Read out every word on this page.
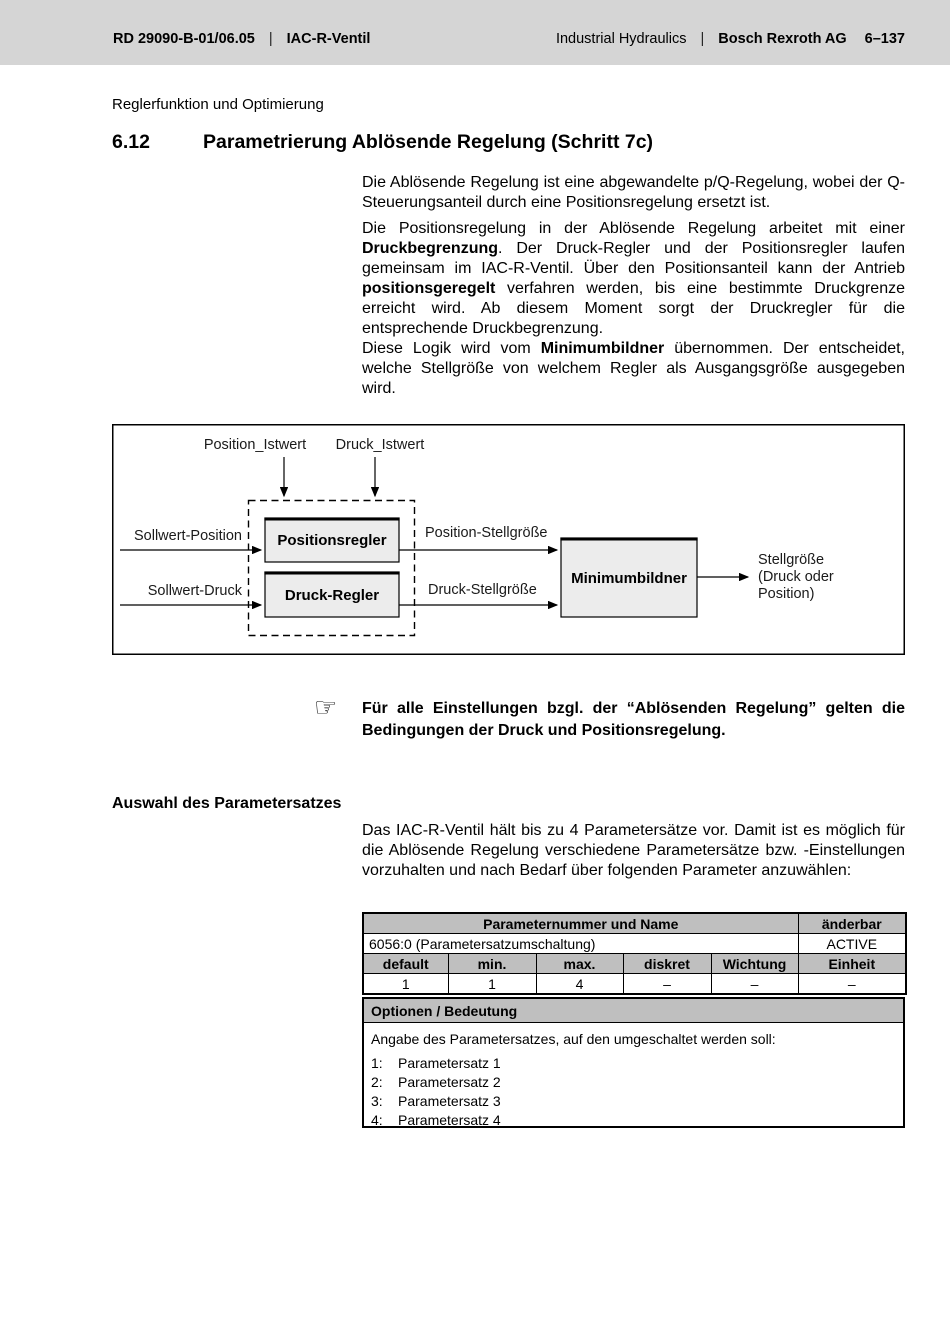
RD 29090-B-01/06.05 | IAC-R-Ventil	Industrial Hydraulics | Bosch Rexroth AG 6–137
Reglerfunktion und Optimierung
6.12	Parametrierung Ablösende Regelung (Schritt 7c)

Die Ablösende Regelung ist eine abgewandelte p/Q-Regelung, wobei der Q-Steuerungsanteil durch eine Positionsregelung ersetzt ist.

Die Positionsregelung in der Ablösende Regelung arbeitet mit einer Druckbegrenzung. Der Druck-Regler und der Positionsregler laufen gemeinsam im IAC-R-Ventil. Über den Positionsanteil kann der Antrieb positionsgeregelt verfahren werden, bis eine bestimmte Druckgrenze erreicht wird. Ab diesem Moment sorgt der Druckregler für die entsprechende Druckbegrenzung.

Diese Logik wird vom Minimumbildner übernommen. Der entscheidet, welche Stellgröße von welchem Regler als Ausgangsgröße ausgegeben wird.

Position_Istwert Druck_Istwert
Sollwert-Position
Sollwert-Druck
Positionsregler
Druck-Regler
Position-Stellgröße
Druck-Stellgröße
Minimumbildner
Stellgröße
(Druck oder
Position)
☞ Für alle Einstellungen bzgl. der “Ablösenden Regelung” gelten die Bedingungen der Druck und Positionsregelung.
Auswahl des Parametersatzes
Das IAC-R-Ventil hält bis zu 4 Parametersätze vor. Damit ist es möglich für die Ablösende Regelung verschiedene Parametersätze bzw. -Einstellungen vorzuhalten und nach Bedarf über folgenden Parameter anzuwählen:
Parameternummer und Name					änderbar
6056:0 (Parametersatzumschaltung)					ACTIVE
default	min.	max.	diskret	Wichtung	Einheit
1	1	4	–	–	–
Optionen / Bedeutung

Angabe des Parametersatzes, auf den umgeschaltet werden soll:

1:	Parametersatz 1
2:	Parametersatz 2
3:	Parametersatz 3
4:	Parametersatz 4
